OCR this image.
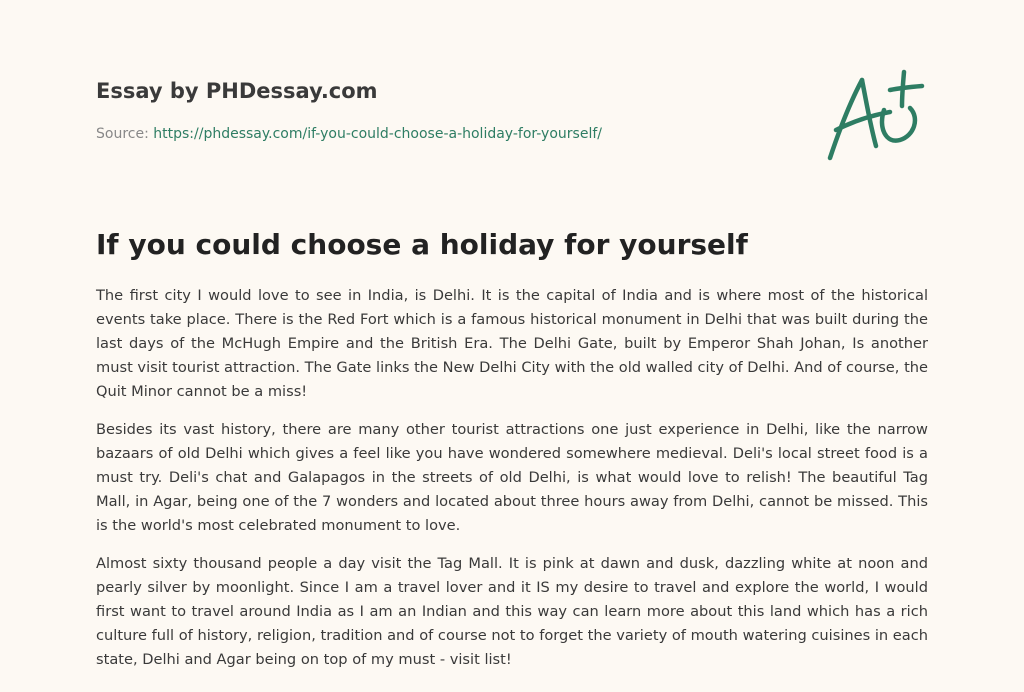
Essay by PHDessay.com
Source: https://phdessay.com/if-you-could-choose-a-holiday-for-yourself/
If you could choose a holiday for yourself

The first city I would love to see in India, is Delhi. It is the capital of India and is where most of the historical events take place. There is the Red Fort which is a famous historical monument in Delhi that was built during the last days of the McHugh Empire and the British Era. The Delhi Gate, built by Emperor Shah Johan, Is another must visit tourist attraction. The Gate links the New Delhi City with the old walled city of Delhi. And of course, the Quit Minor cannot be a miss!

Besides its vast history, there are many other tourist attractions one just experience in Delhi, like the narrow bazaars of old Delhi which gives a feel like you have wondered somewhere medieval. Deli's local street food is a must try. Deli's chat and Galapagos in the streets of old Delhi, is what would love to relish! The beautiful Tag Mall, in Agar, being one of the 7 wonders and located about three hours away from Delhi, cannot be missed. This is the world's most celebrated monument to love.

Almost sixty thousand people a day visit the Tag Mall. It is pink at dawn and dusk, dazzling white at noon and pearly silver by moonlight. Since I am a travel lover and it IS my desire to travel and explore the world, I would first want to travel around India as I am an Indian and this way can learn more about this land which has a rich culture full of history, religion, tradition and of course not to forget the variety of mouth watering cuisines in each state, Delhi and Agar being on top of my must - visit list!
